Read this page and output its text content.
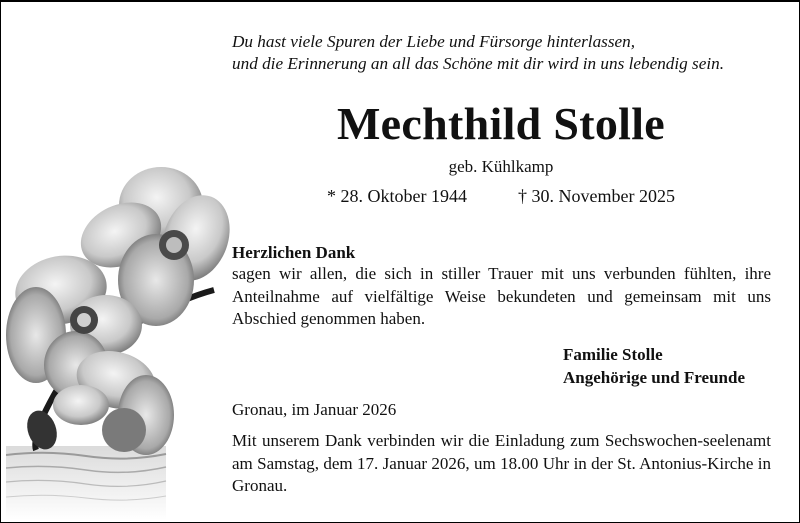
Du hast viele Spuren der Liebe und Fürsorge hinterlassen,
und die Erinnerung an all das Schöne mit dir wird in uns lebendig sein.
Mechthild Stolle
geb. Kühlkamp
* 28. Oktober 1944	† 30. November 2025
Herzlichen Dank
sagen wir allen, die sich in stiller Trauer mit uns verbunden fühlten, ihre Anteilnahme auf vielfältige Weise bekundeten und gemeinsam mit uns Abschied genommen haben.
Familie Stolle
Angehörige und Freunde
Gronau, im Januar 2026
Mit unserem Dank verbinden wir die Einladung zum Sechswochen-seelenamt am Samstag, dem 17. Januar 2026, um 18.00 Uhr in der St. Antonius-Kirche in Gronau.
